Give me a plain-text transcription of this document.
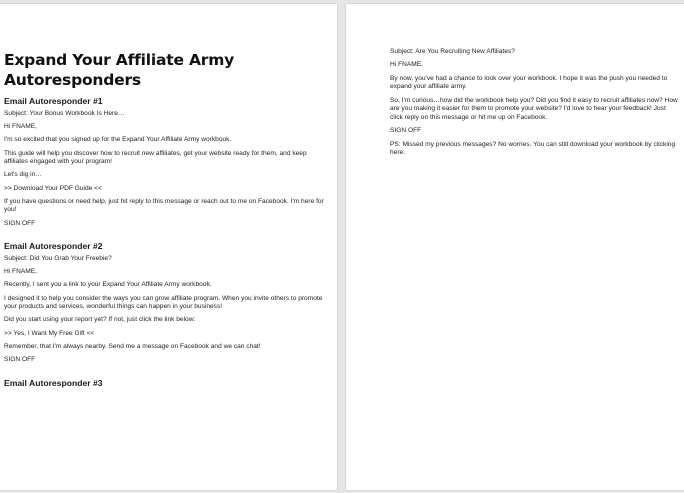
Expand Your Affiliate Army
Autoresponders
Email Autoresponder #1
Subject: Your Bonus Workbook Is Here…
Hi FNAME,
I'm so excited that you signed up for the Expand Your Affiliate Army workbook.
This guide will help you discover how to recruit new affiliates, get your website ready for them, and keep affiliates engaged with your program!
Let's dig in…
>> Download Your PDF Guide <<
If you have questions or need help, just hit reply to this message or reach out to me on Facebook. I'm here for you!
SIGN OFF
Email Autoresponder #2
Subject: Did You Grab Your Freebie?
Hi FNAME,
Recently, I sent you a link to your Expand Your Affiliate Army workbook.
I designed it to help you consider the ways you can grow affiliate program. When you invite others to promote your products and services, wonderful things can happen in your business!
Did you start using your report yet? If not, just click the link below:
>> Yes, I Want My Free Gift <<
Remember, that I'm always nearby. Send me a message on Facebook and we can chat!
SIGN OFF
Email Autoresponder #3
Subject: Are You Recruiting New Affiliates?
Hi FNAME,
By now, you've had a chance to look over your workbook. I hope it was the push you needed to expand your affiliate army.
So, I'm curious…how did the workbook help you? Did you find it easy to recruit affiliates now? How are you making it easier for them to promote your website? I'd love to hear your feedback! Just click reply on this message or hit me up on Facebook.
SIGN OFF
PS: Missed my previous messages? No worries. You can still download your workbook by clicking here.
